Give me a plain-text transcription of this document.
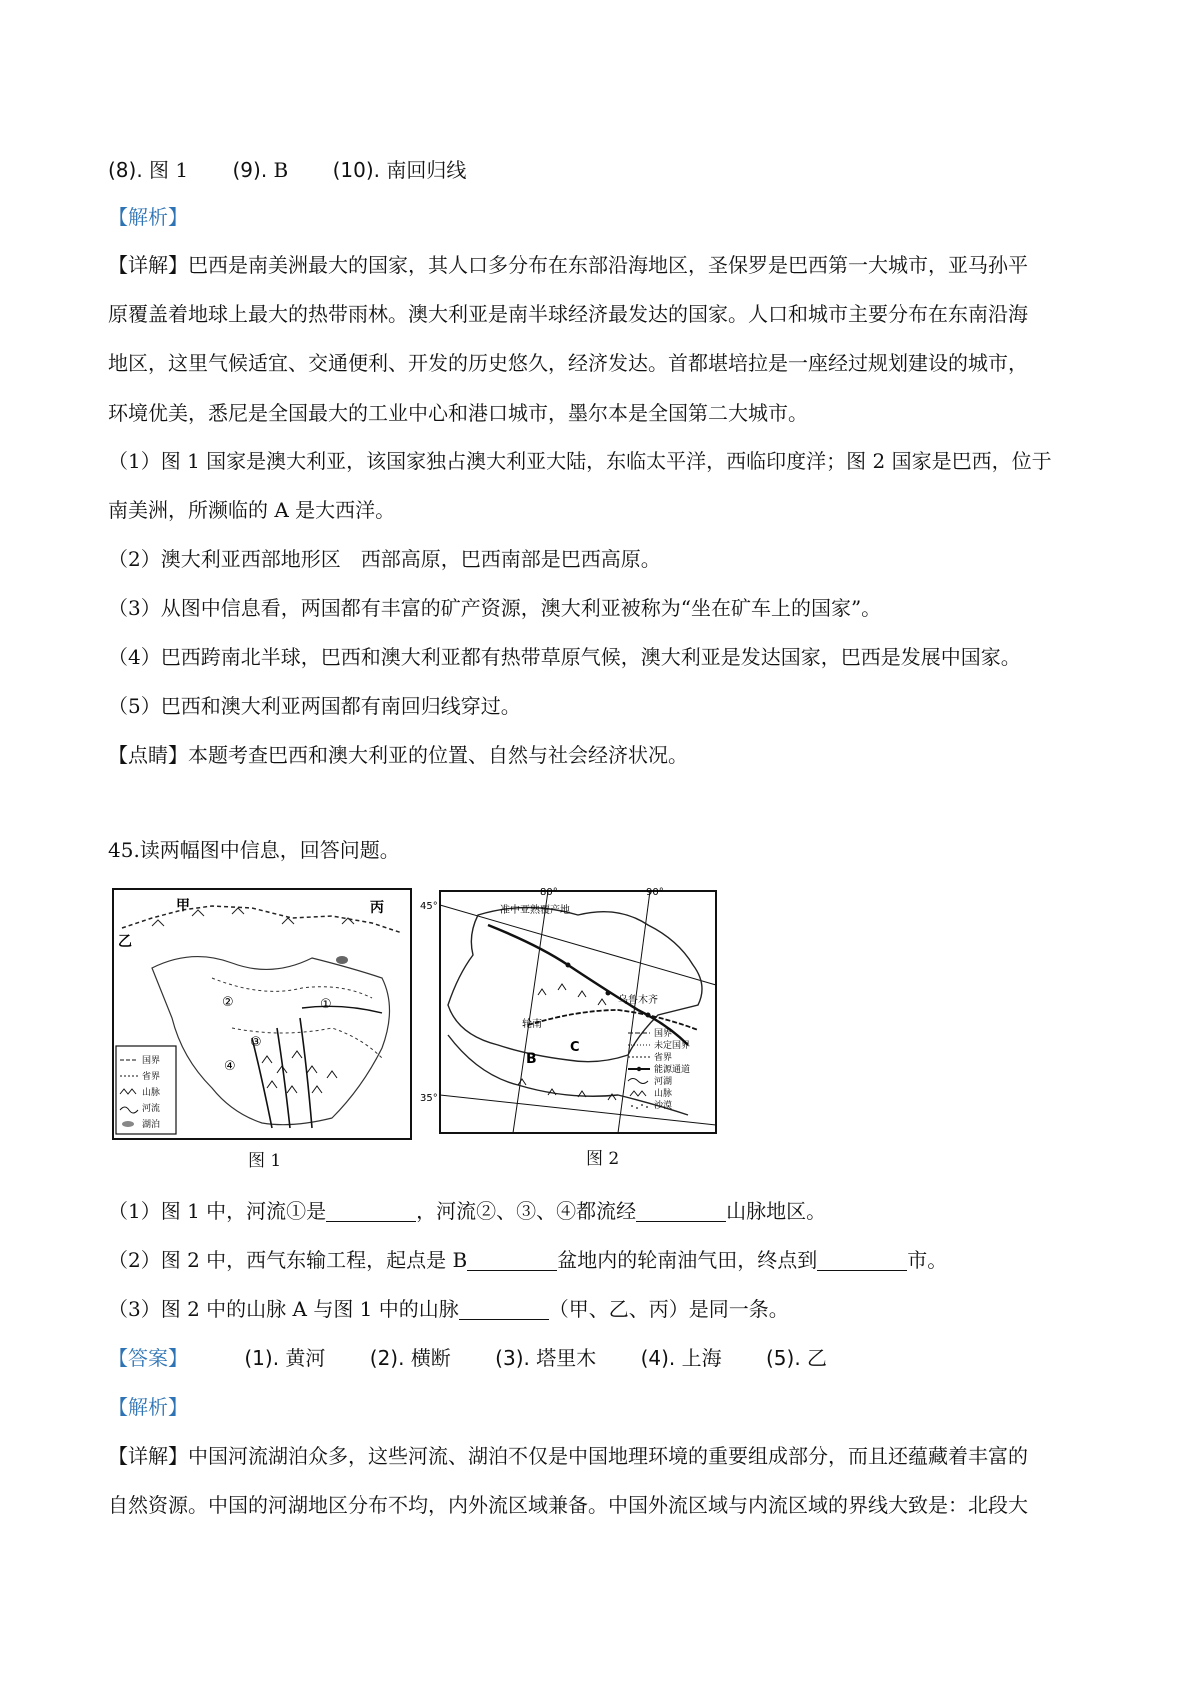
(8). 图 1 (9). B (10). 南回归线
【解析】
【详解】巴西是南美洲最大的国家，其人口多分布在东部沿海地区，圣保罗是巴西第一大城市，亚马孙平
原覆盖着地球上最大的热带雨林。澳大利亚是南半球经济最发达的国家。人口和城市主要分布在东南沿海
地区，这里气候适宜、交通便利、开发的历史悠久，经济发达。首都堪培拉是一座经过规划建设的城市，
环境优美，悉尼是全国最大的工业中心和港口城市，墨尔本是全国第二大城市。
（1）图 1 国家是澳大利亚，该国家独占澳大利亚大陆，东临太平洋，西临印度洋；图 2 国家是巴西，位于
南美洲，所濒临的 A 是大西洋。
（2）澳大利亚西部地形区　西部高原，巴西南部是巴西高原。
（3）从图中信息看，两国都有丰富的矿产资源，澳大利亚被称为“坐在矿车上的国家”。
（4）巴西跨南北半球，巴西和澳大利亚都有热带草原气候，澳大利亚是发达国家，巴西是发展中国家。
（5）巴西和澳大利亚两国都有南回归线穿过。
【点睛】本题考查巴西和澳大利亚的位置、自然与社会经济状况。
45.读两幅图中信息，回答问题。
甲
乙
丙
①
②
③
④
国界
省界
山脉
河流
湖泊
图 1
45°
35°
80°	90°
准中亚熟覆产地
乌鲁木齐
轮南
B
C
国界
未定国界
省界
能源通道
河湖
山脉
沙漠
图 2
（1）图 1 中，河流①是	，河流②、③、④都流经	山脉地区。
（2）图 2 中，西气东输工程，起点是 B	盆地内的轮南油气田，终点到	市。
（3）图 2 中的山脉 A 与图 1 中的山脉	（甲、乙、丙）是同一条。
【答案】	(1). 黄河 (2). 横断 (3). 塔里木 (4). 上海 (5). 乙
【解析】
【详解】中国河流湖泊众多，这些河流、湖泊不仅是中国地理环境的重要组成部分，而且还蕴藏着丰富的
自然资源。中国的河湖地区分布不均，内外流区域兼备。中国外流区域与内流区域的界线大致是：北段大
